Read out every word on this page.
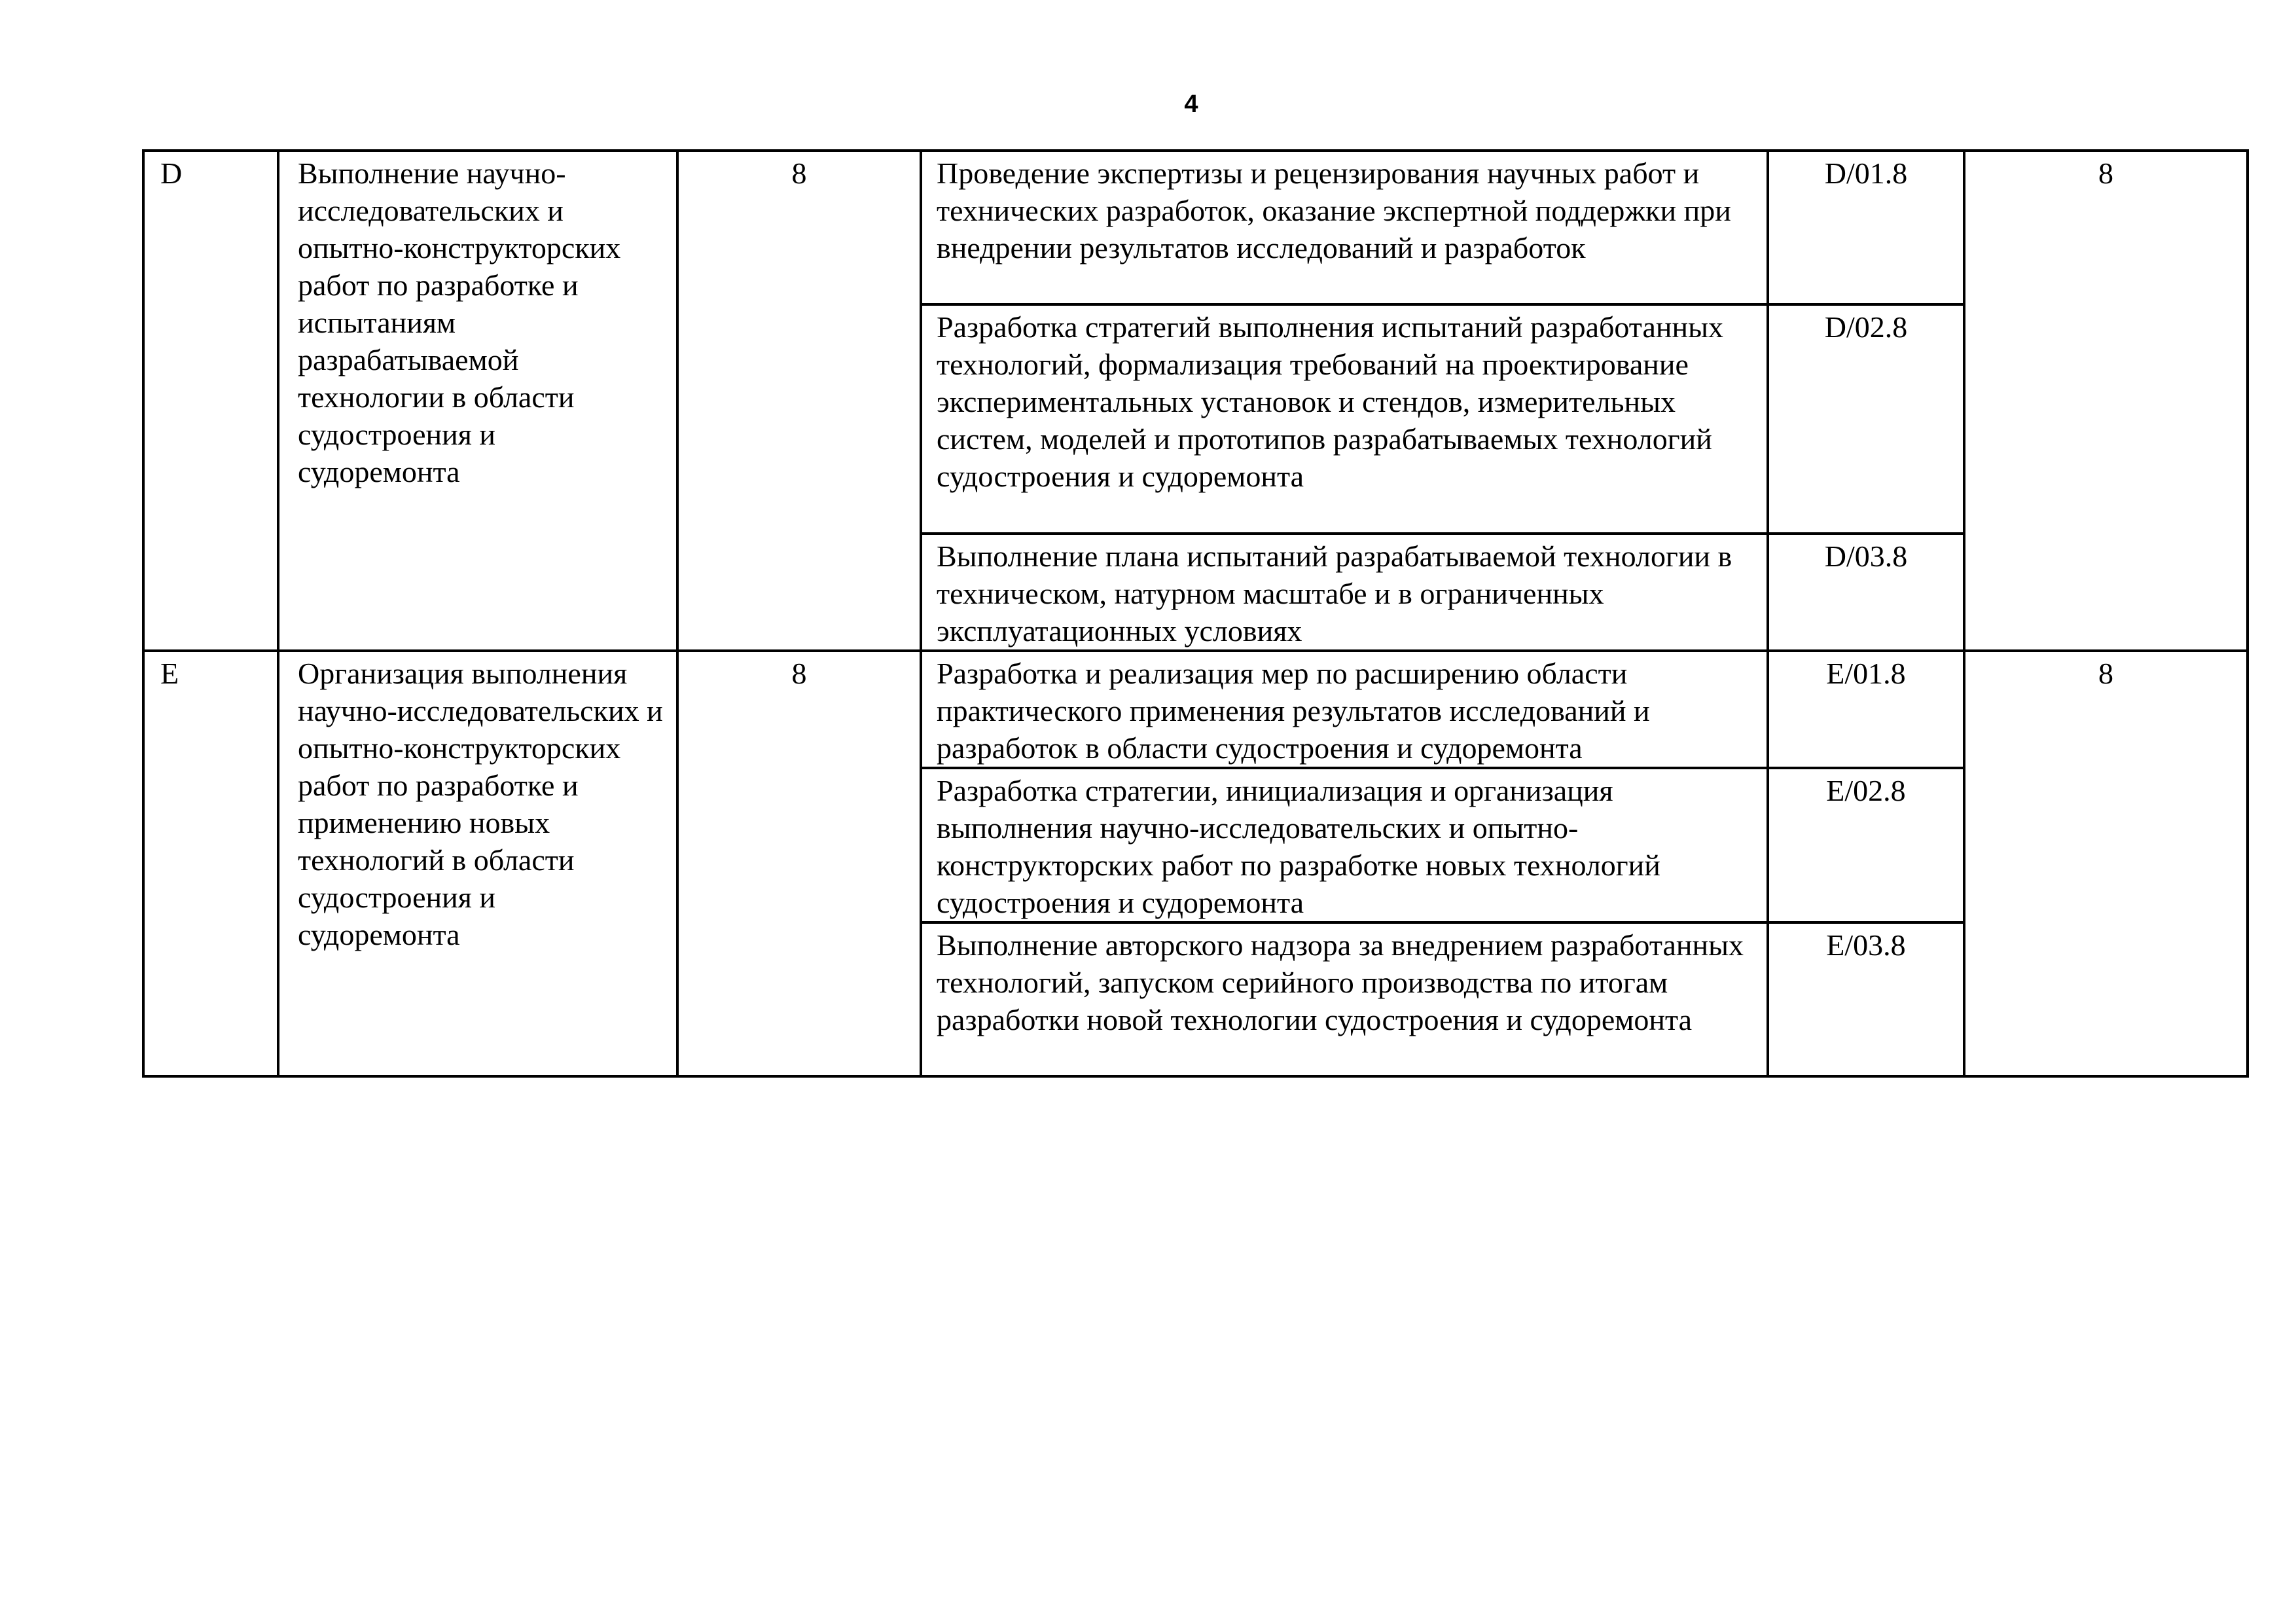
4
D	Выполнение научно-исследовательских и опытно-конструкторских работ по разработке и испытаниям разрабатываемой технологии в области судостроения и судоремонта	8	Проведение экспертизы и рецензирования научных работ и технических разработок, оказание экспертной поддержки при внедрении результатов исследований и разработок	D/01.8	8
			Разработка стратегий выполнения испытаний разработанных технологий, формализация требований на проектирование экспериментальных установок и стендов, измерительных систем, моделей и прототипов разрабатываемых технологий судостроения и судоремонта	D/02.8	
			Выполнение плана испытаний разрабатываемой технологии в техническом, натурном масштабе и в ограниченных эксплуатационных условиях	D/03.8	
E	Организация выполнения научно-исследовательских и опытно-конструкторских работ по разработке и применению новых технологий в области судостроения и судоремонта	8	Разработка и реализация мер по расширению области практического применения результатов исследований и разработок в области судостроения и судоремонта	E/01.8	8
			Разработка стратегии, инициализация и организация выполнения научно-исследовательских и опытно-конструкторских работ по разработке новых технологий судостроения и судоремонта	E/02.8	
			Выполнение авторского надзора за внедрением разработанных технологий, запуском серийного производства по итогам разработки новой технологии судостроения и судоремонта	E/03.8	
